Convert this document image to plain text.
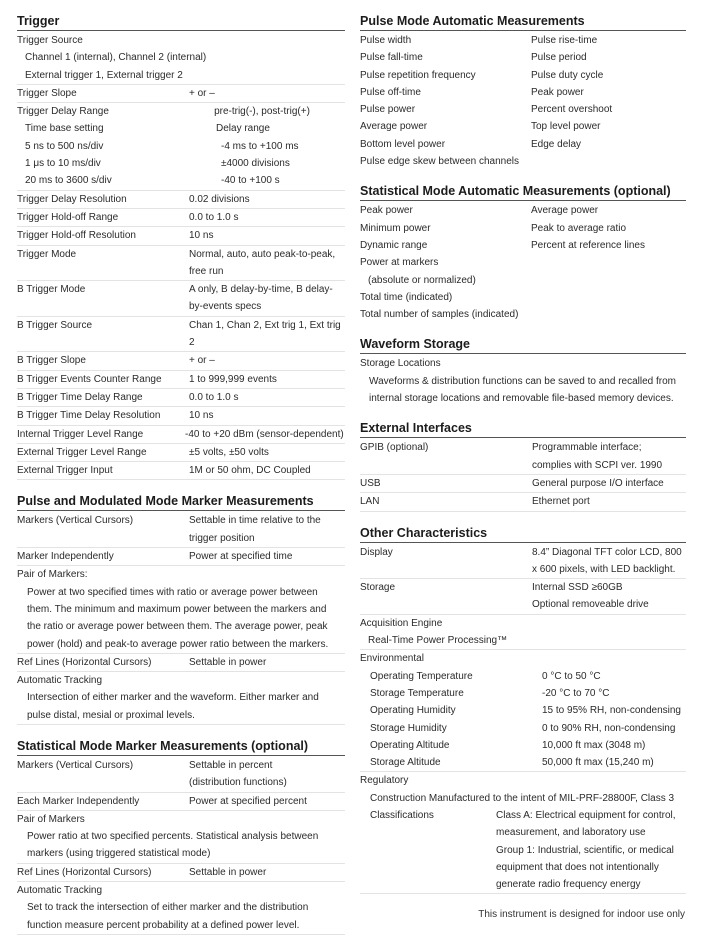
Trigger
Trigger Source
Channel 1 (internal), Channel 2 (internal)
External trigger 1, External trigger 2
Trigger Slope	+ or –
Trigger Delay Range	pre-trig(-), post-trig(+)
Time base setting	Delay range
5 ns to 500 ns/div	-4 ms to +100 ms
1 μs to 10 ms/div	±4000 divisions
20 ms to 3600 s/div	-40 to +100 s
Trigger Delay Resolution	0.02 divisions
Trigger Hold-off Range	0.0 to 1.0 s
Trigger Hold-off Resolution	10 ns
Trigger Mode	Normal, auto, auto peak-to-peak,
free run
B Trigger Mode	A only, B delay-by-time, B delay-
by-events specs
B Trigger Source	Chan 1, Chan 2, Ext trig 1, Ext trig 2
B Trigger Slope	+ or –
B Trigger Events Counter Range	1 to 999,999 events
B Trigger Time Delay Range	0.0 to 1.0 s
B Trigger Time Delay Resolution	10 ns
Internal Trigger Level Range	-40 to +20 dBm (sensor-dependent)
External Trigger Level Range	±5 volts, ±50 volts
External Trigger Input	1M or 50 ohm, DC Coupled
Pulse and Modulated Mode Marker Measurements
Markers (Vertical Cursors)	Settable in time relative to the
trigger position
Marker Independently	Power at specified time
Pair of Markers:
Power at two specified times with ratio or average power between
them. The minimum and maximum power between the markers and
the ratio or average power between them. The average power, peak
power (hold) and peak-to average power ratio between the markers.
Ref Lines (Horizontal Cursors)	Settable in power
Automatic Tracking
Intersection of either marker and the waveform. Either marker and
pulse distal, mesial or proximal levels.
Statistical Mode Marker Measurements (optional)
Markers (Vertical Cursors)	Settable in percent
(distribution functions)
Each Marker Independently	Power at specified percent
Pair of Markers
Power ratio at two specified percents. Statistical analysis between
markers (using triggered statistical mode)
Ref Lines (Horizontal Cursors)	Settable in power
Automatic Tracking
Set to track the intersection of either marker and the distribution
function measure percent probability at a defined power level.
Pulse Mode Automatic Measurements
Pulse width	Pulse rise-time
Pulse fall-time	Pulse period
Pulse repetition frequency	Pulse duty cycle
Pulse off-time	Peak power
Pulse power	Percent overshoot
Average power	Top level power
Bottom level power	Edge delay
Pulse edge skew between channels
Statistical Mode Automatic Measurements (optional)
Peak power	Average power
Minimum power	Peak to average ratio
Dynamic range	Percent at reference lines
Power at markers
(absolute or normalized)
Total time (indicated)
Total number of samples (indicated)
Waveform Storage
Storage Locations
Waveforms & distribution functions can be saved to and recalled from
internal storage locations and removable file-based memory devices.
External Interfaces
GPIB (optional)	Programmable interface;
complies with SCPI ver. 1990
USB	General purpose I/O interface
LAN	Ethernet port
Other Characteristics
Display	8.4” Diagonal TFT color LCD, 800
x 600 pixels, with LED backlight.
Storage	Internal SSD ≥60GB
Optional removeable drive
Acquisition Engine
Real-Time Power Processing™
Environmental
Operating Temperature	0 °C to 50 °C
Storage Temperature	-20 °C to 70 °C
Operating Humidity	15 to 95% RH, non-condensing
Storage Humidity	0 to 90% RH, non-condensing
Operating Altitude	10,000 ft max (3048 m)
Storage Altitude	50,000 ft max (15,240 m)
Regulatory
Construction Manufactured to the intent of MIL-PRF-28800F, Class 3
Classifications	Class A: Electrical equipment for control,
measurement, and laboratory use
Group 1: Industrial, scientific, or medical
equipment that does not intentionally
generate radio frequency energy
This instrument is designed for indoor use only
